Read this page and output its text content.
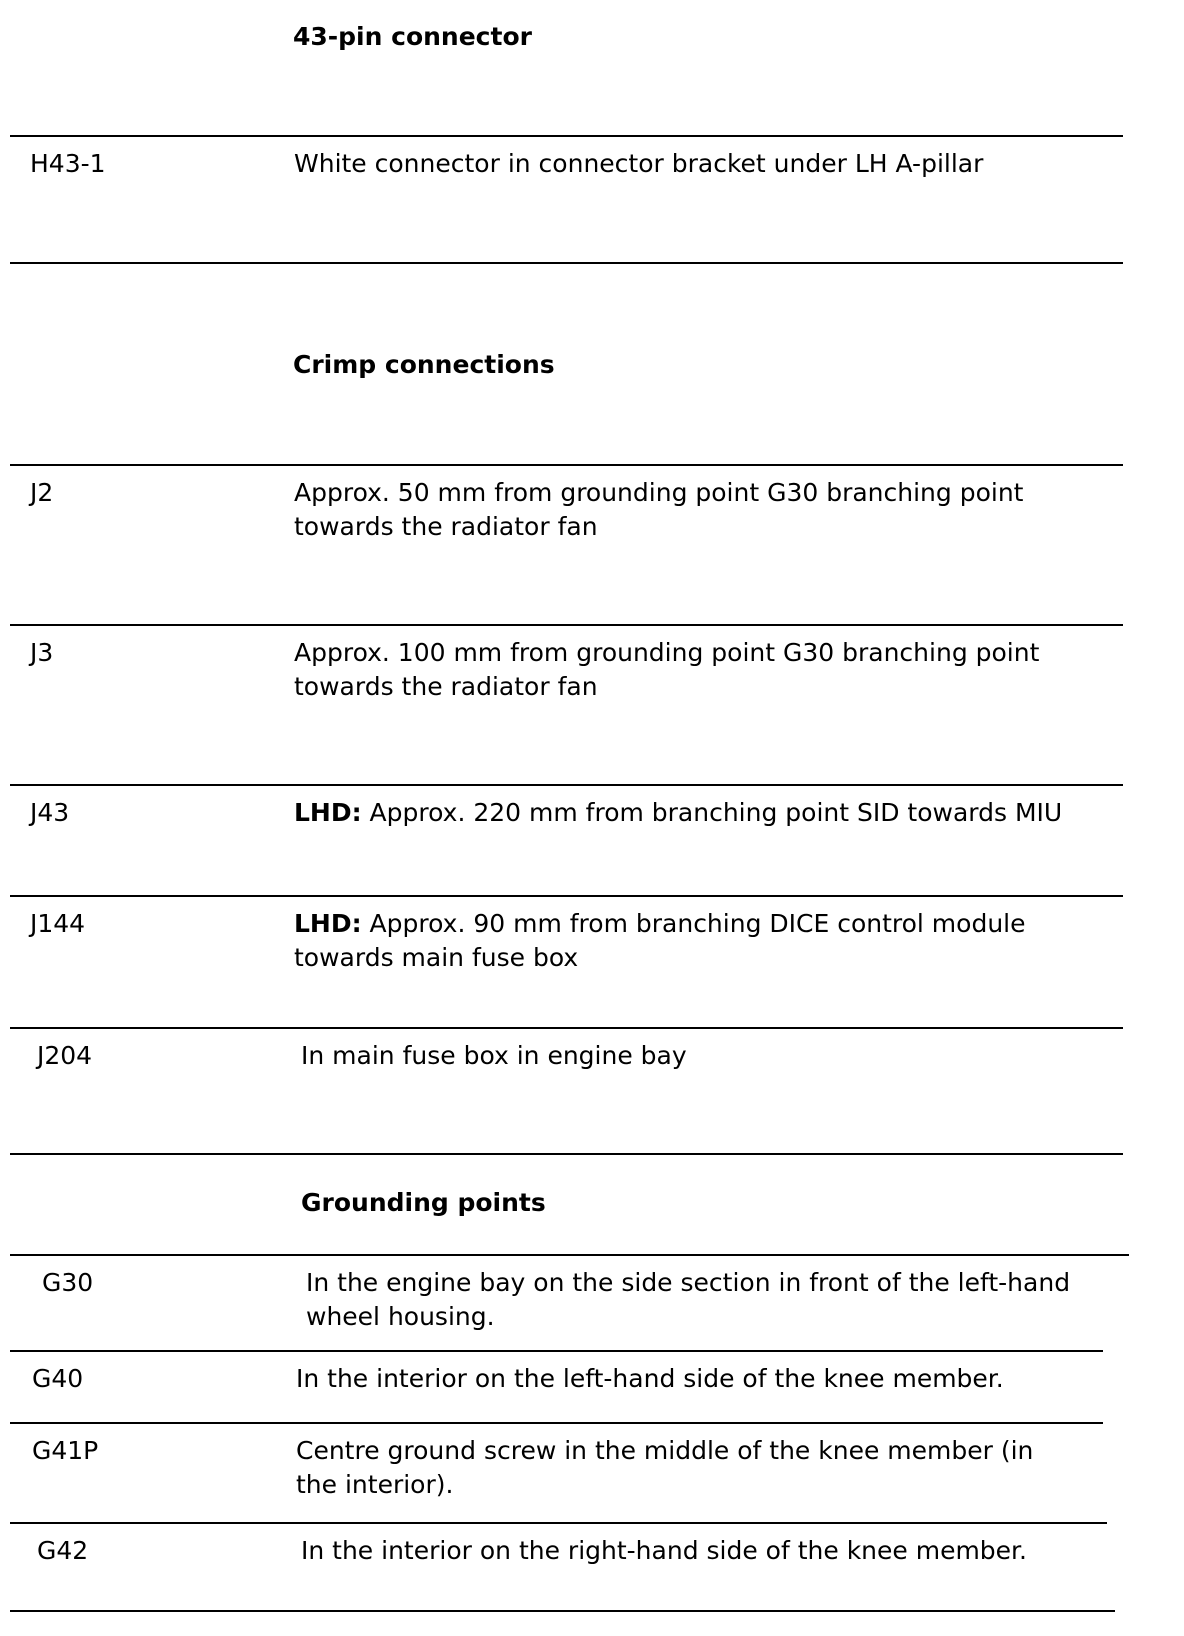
43-pin connector
H43-1	White connector in connector bracket under LH A-pillar
Crimp connections
J2	Approx. 50 mm from grounding point G30 branching point towards the radiator fan
J3	Approx. 100 mm from grounding point G30 branching point towards the radiator fan
J43	LHD: Approx. 220 mm from branching point SID towards MIU
J144	LHD: Approx. 90 mm from branching DICE control module towards main fuse box
J204	In main fuse box in engine bay
Grounding points
G30	In the engine bay on the side section in front of the left-hand wheel housing.
G40	In the interior on the left-hand side of the knee member.
G41P	Centre ground screw in the middle of the knee member (in the interior).
G42	In the interior on the right-hand side of the knee member.
